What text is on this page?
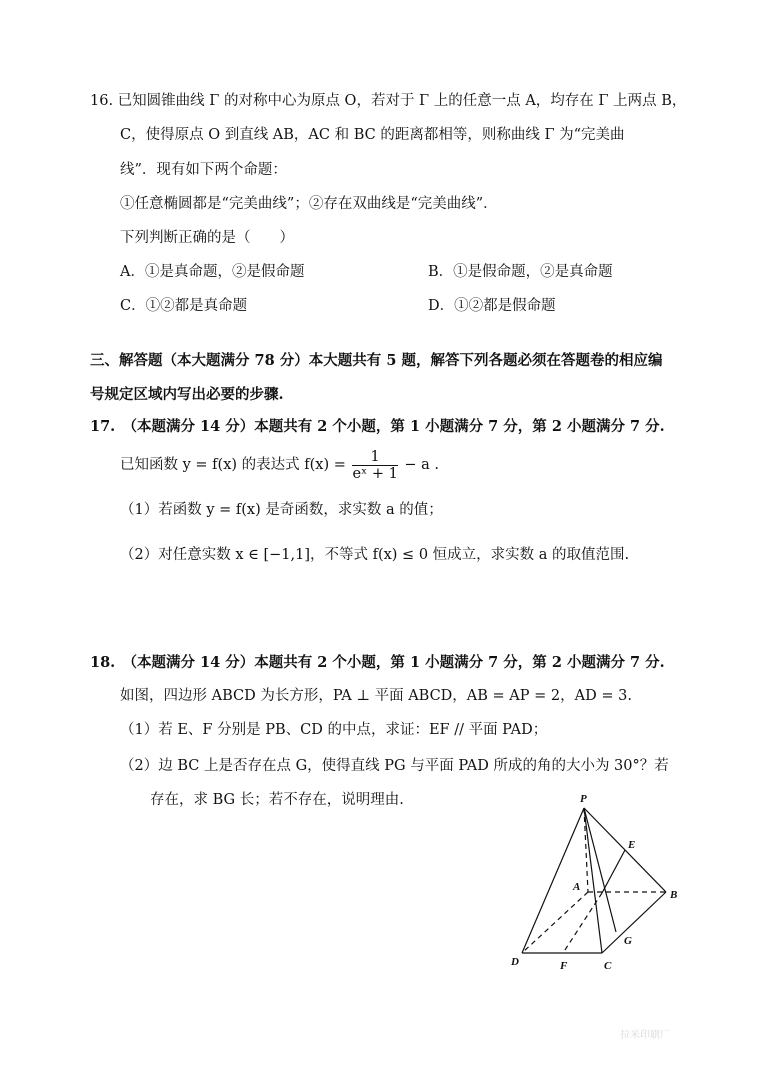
16. 已知圆锥曲线 Γ 的对称中心为原点 O，若对于 Γ 上的任意一点 A，均存在 Γ 上两点 B，
C，使得原点 O 到直线 AB，AC 和 BC 的距离都相等，则称曲线 Γ 为“完美曲
线”．现有如下两个命题：
①任意椭圆都是“完美曲线”；②存在双曲线是“完美曲线”．
下列判断正确的是（　　）
A．①是真命题，②是假命题	B．①是假命题，②是真命题
C．①②都是真命题	D．①②都是假命题
三、解答题（本大题满分 78 分）本大题共有 5 题，解答下列各题必须在答题卷的相应编
号规定区域内写出必要的步骤.
17.　（本题满分 14 分）本题共有 2 个小题，第 1 小题满分 7 分，第 2 小题满分 7 分.
已知函数 y = f(x) 的表达式 $f(x) = \frac{1}{\text{eˣ + 1}} - a$ .
（1）若函数 y = f(x) 是奇函数，求实数 a 的值；
（2）对任意实数 x ∈ [−1,1]，不等式 f(x) ≤ 0 恒成立，求实数 a 的取值范围.
18.　（本题满分 14 分）本题共有 2 个小题，第 1 小题满分 7 分，第 2 小题满分 7 分.
如图，四边形 ABCD 为长方形，PA ⊥ 平面 ABCD，AB = AP = 2，AD = 3.
（1）若 E、F 分别是 PB、CD 的中点，求证：EF // 平面 PAD；
（2）边 BC 上是否存在点 G，使得直线 PG 与平面 PAD 所成的角的大小为 30°？若
存在，求 BG 长；若不存在，说明理由.	P
E
A
B
G
D	F	C
拉米印刷厂
